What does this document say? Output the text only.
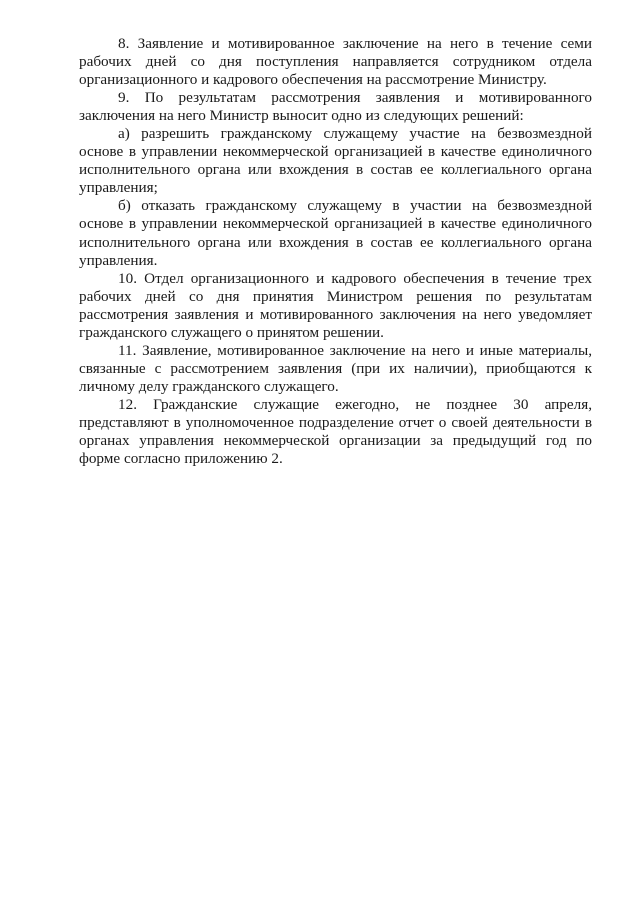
8. Заявление и мотивированное заключение на него в течение семи рабочих дней со дня поступления направляется сотрудником отдела организационного и кадрового обеспечения на рассмотрение Министру.

9. По результатам рассмотрения заявления и мотивированного заключения на него Министр выносит одно из следующих решений:

а) разрешить гражданскому служащему участие на безвозмездной основе в управлении некоммерческой организацией в качестве единоличного исполнительного органа или вхождения в состав ее коллегиального органа управления;

б) отказать гражданскому служащему в участии на безвозмездной основе в управлении некоммерческой организацией в качестве единоличного исполнительного органа или вхождения в состав ее коллегиального органа управления.

10. Отдел организационного и кадрового обеспечения в течение трех рабочих дней со дня принятия Министром решения по результатам рассмотрения заявления и мотивированного заключения на него уведомляет гражданского служащего о принятом решении.

11. Заявление, мотивированное заключение на него и иные материалы, связанные с рассмотрением заявления (при их наличии), приобщаются к личному делу гражданского служащего.

12. Гражданские служащие ежегодно, не позднее 30 апреля, представляют в уполномоченное подразделение отчет о своей деятельности в органах управления некоммерческой организации за предыдущий год по форме согласно приложению 2.
